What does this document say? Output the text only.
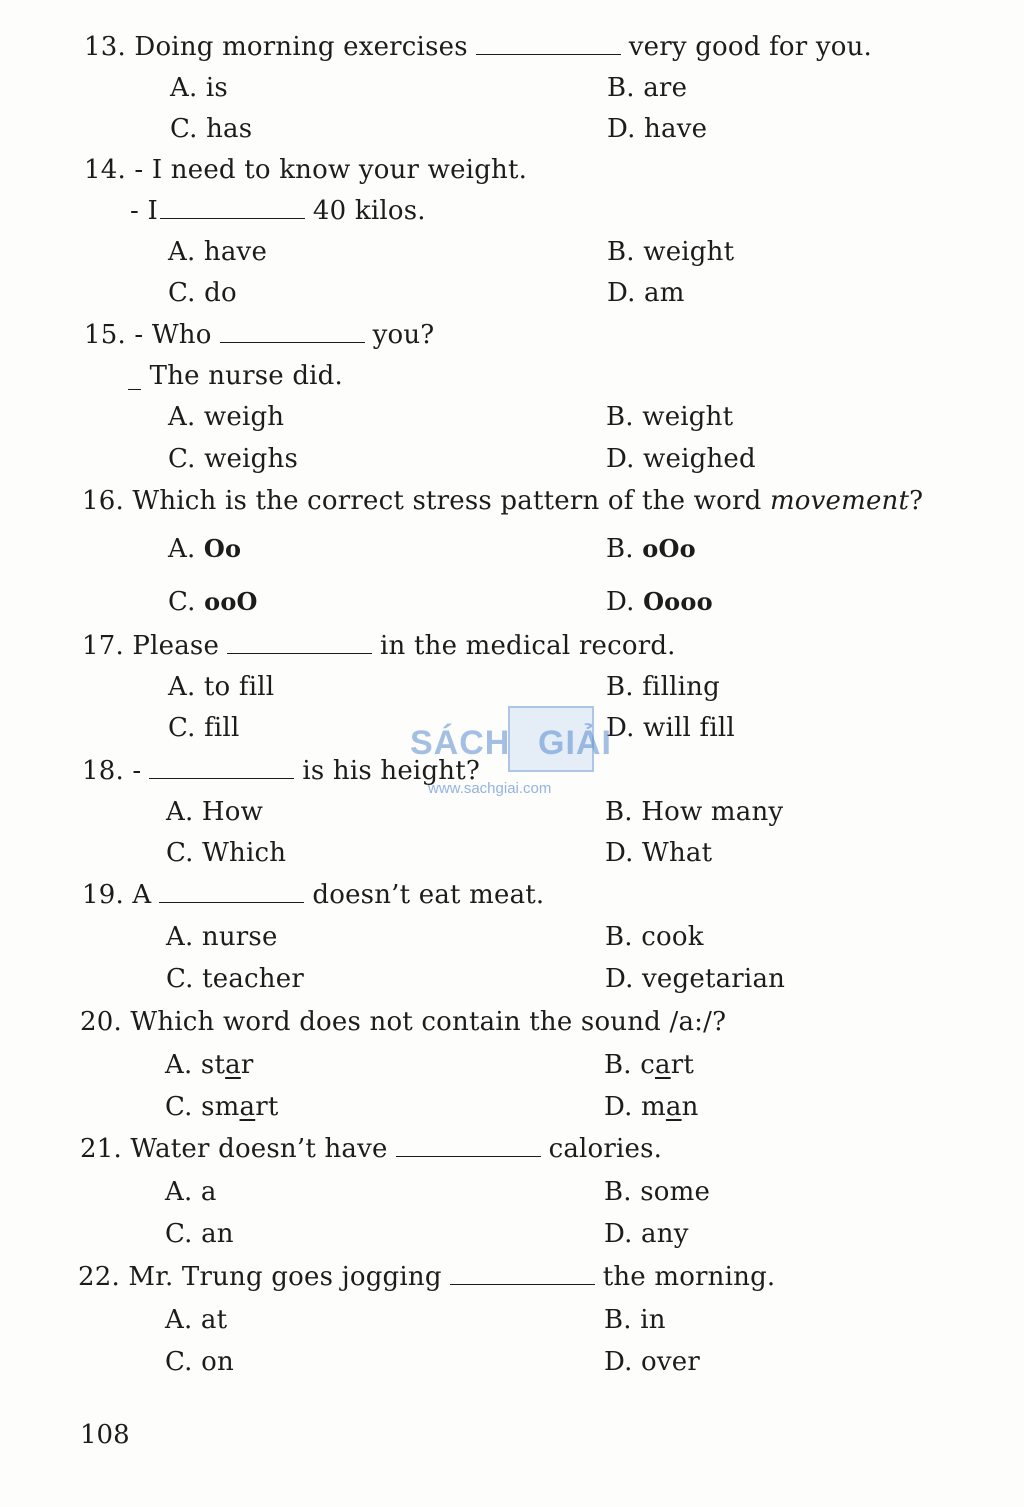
13. Doing morning exercises	very good for you.
A. is	B. are
C. has	D. have
14. - I need to know your weight.
- I	40 kilos.
A. have	B. weight
C. do	D. am
15. - Who	you?
_ The nurse did.
A. weigh	B. weight
C. weighs	D. weighed
16. Which is the correct stress pattern of the word movement?
A. Oo	B. oOo
C. ooO	D. Oooo
17. Please	in the medical record.
A. to fill	B. filling
C. fill	D. will fill
SÁCH GIẢI
www.sachgiai.com
18. -	is his height?
A. How	B. How many
C. Which	D. What
19. A	doesn’t eat meat.
A. nurse	B. cook
C. teacher	D. vegetarian
20. Which word does not contain the sound /a:/?
A. star	B. cart
C. smart	D. man
21. Water doesn’t have	calories.
A. a	B. some
C. an	D. any
22. Mr. Trung goes jogging	the morning.
A. at	B. in
C. on	D. over
108
